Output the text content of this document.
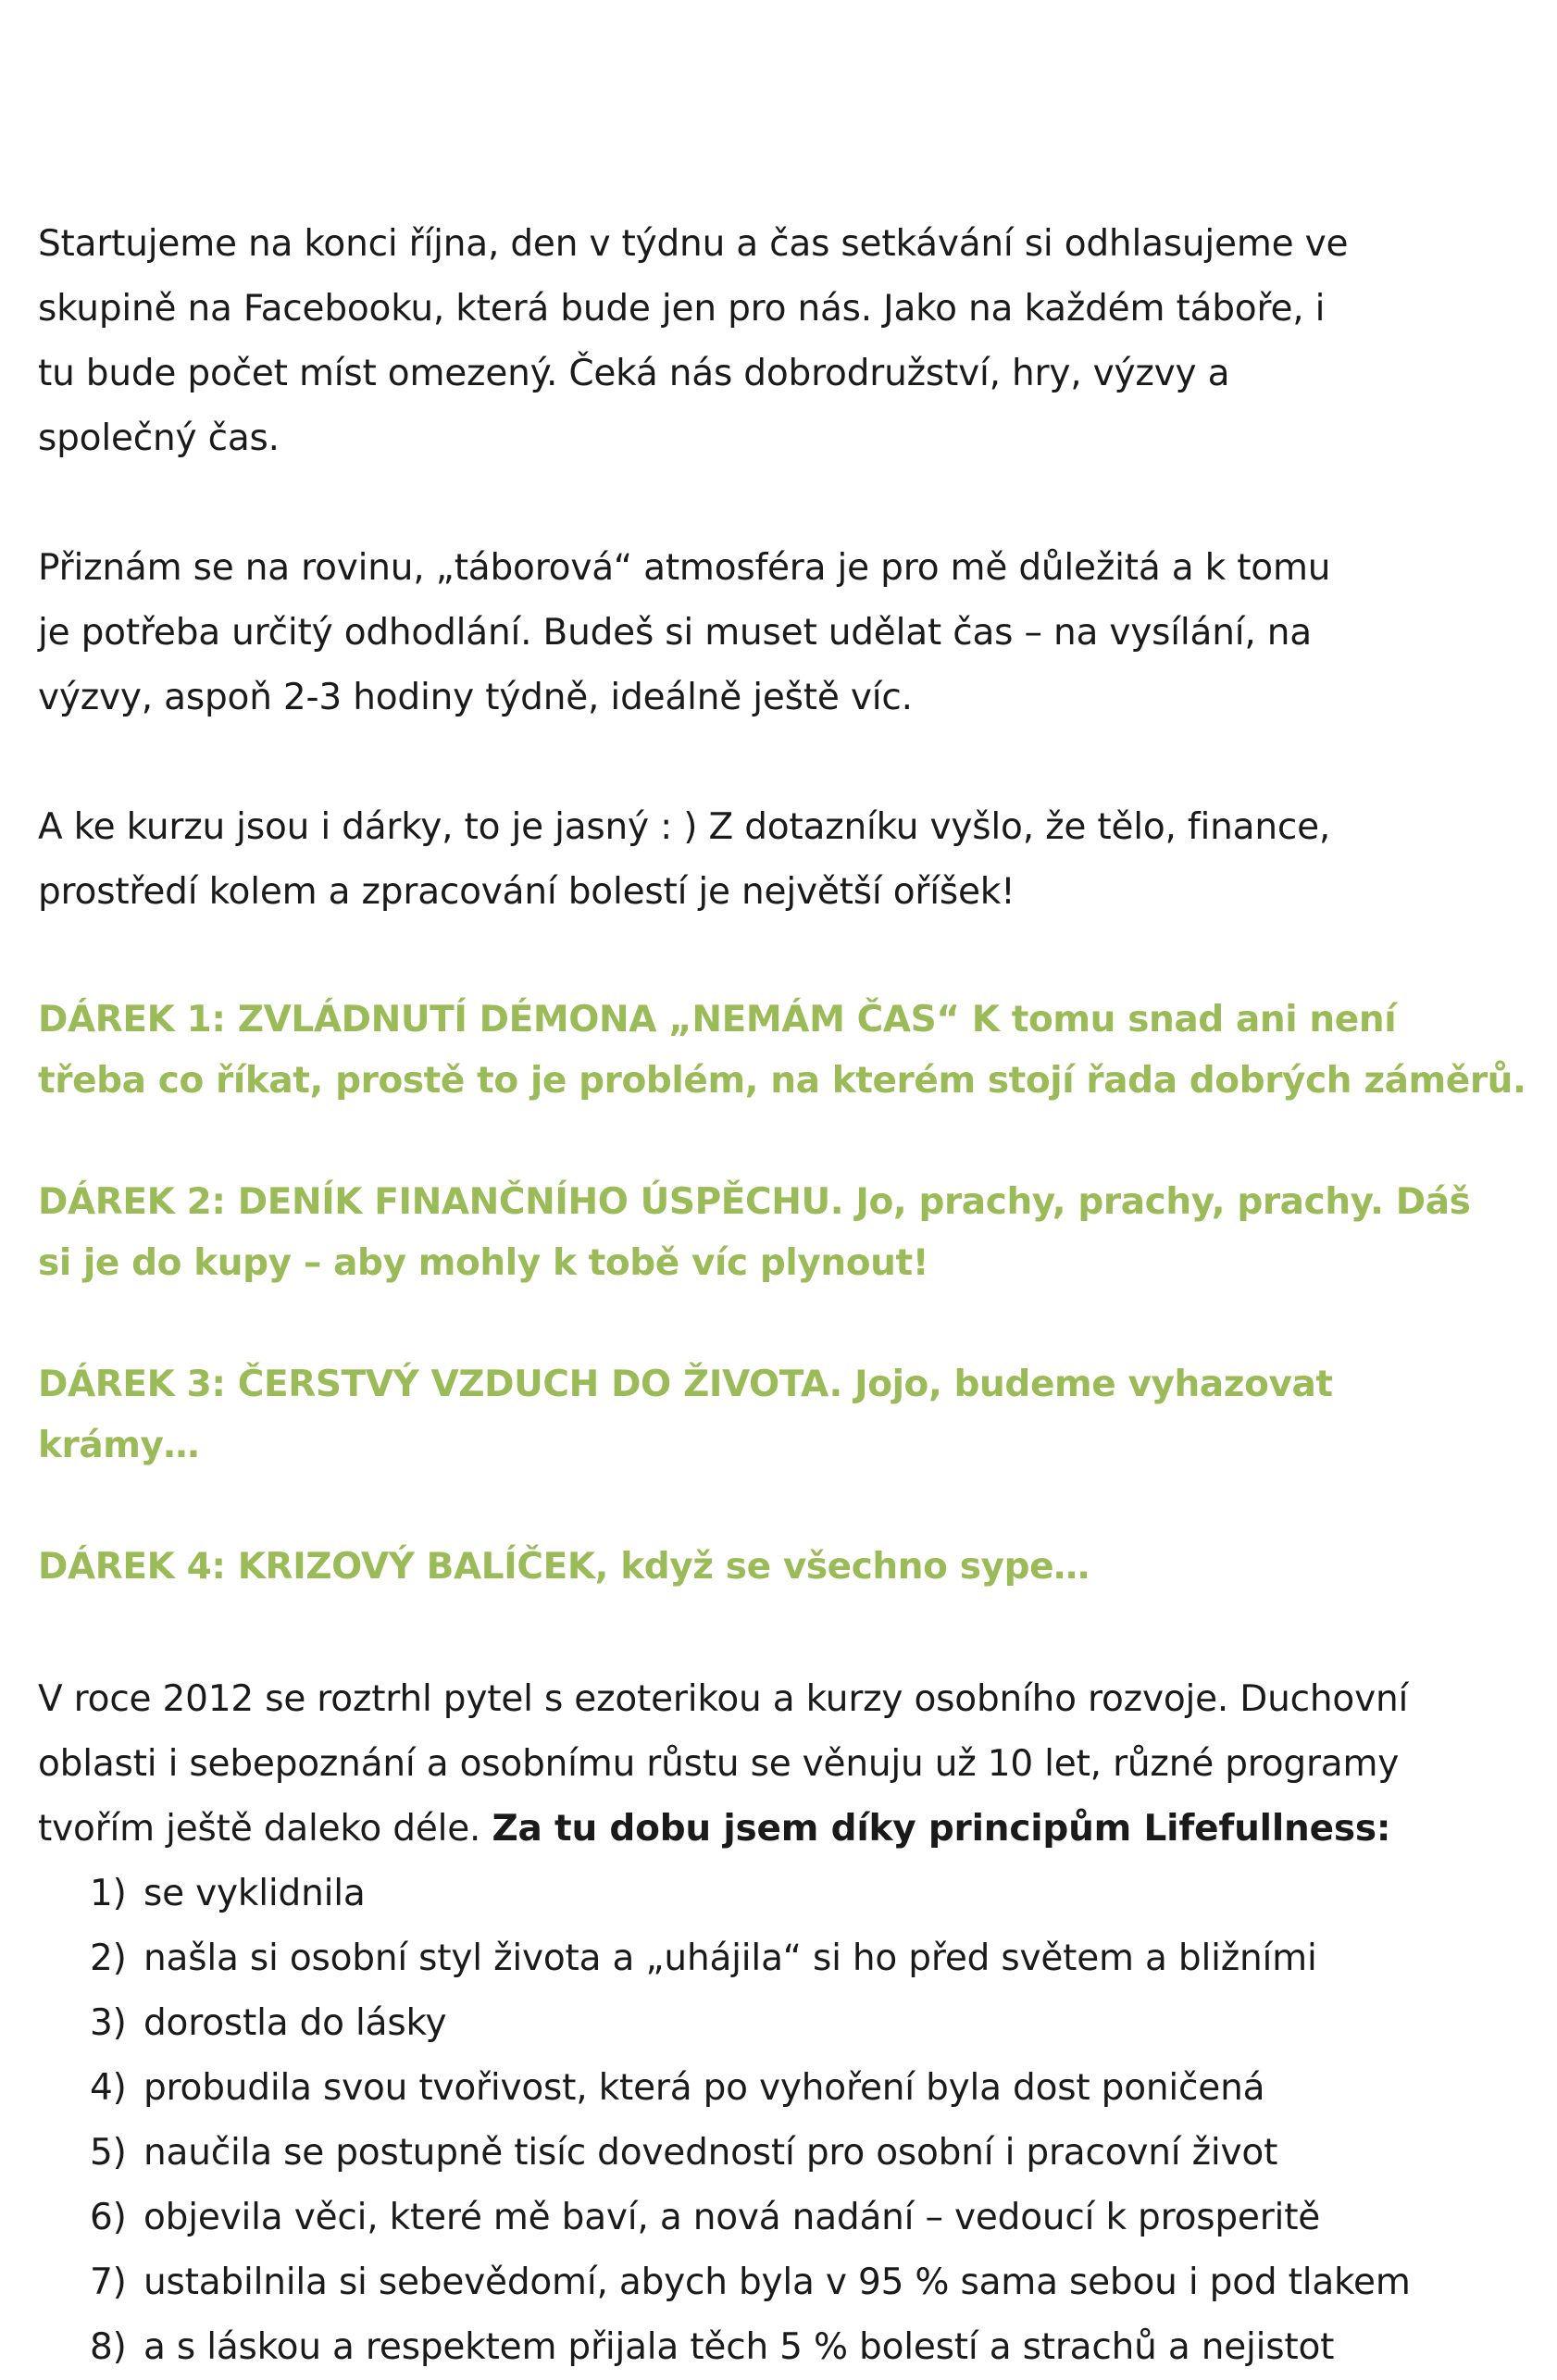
Startujeme na konci října, den v týdnu a čas setkávání si odhlasujeme ve
skupině na Facebooku, která bude jen pro nás. Jako na každém táboře, i
tu bude počet míst omezený. Čeká nás dobrodružství, hry, výzvy a
společný čas.

Přiznám se na rovinu, „táborová“ atmosféra je pro mě důležitá a k tomu
je potřeba určitý odhodlání. Budeš si muset udělat čas – na vysílání, na
výzvy, aspoň 2-3 hodiny týdně, ideálně ještě víc.

A ke kurzu jsou i dárky, to je jasný : ) Z dotazníku vyšlo, že tělo, finance,
prostředí kolem a zpracování bolestí je největší oříšek!

DÁREK 1: ZVLÁDNUTÍ DÉMONA „NEMÁM ČAS“ K tomu snad ani není
třeba co říkat, prostě to je problém, na kterém stojí řada dobrých záměrů.

DÁREK 2: DENÍK FINANČNÍHO ÚSPĚCHU. Jo, prachy, prachy, prachy. Dáš
si je do kupy – aby mohly k tobě víc plynout!

DÁREK 3: ČERSTVÝ VZDUCH DO ŽIVOTA. Jojo, budeme vyhazovat
krámy…

DÁREK 4: KRIZOVÝ BALÍČEK, když se všechno sype…

V roce 2012 se roztrhl pytel s ezoterikou a kurzy osobního rozvoje. Duchovní
oblasti i sebepoznání a osobnímu růstu se věnuju už 10 let, různé programy
tvořím ještě daleko déle. Za tu dobu jsem díky principům Lifefullness:

1) se vyklidnila
2) našla si osobní styl života a „uhájila“ si ho před světem a bližními
3) dorostla do lásky
4) probudila svou tvořivost, která po vyhoření byla dost poničená
5) naučila se postupně tisíc dovedností pro osobní i pracovní život
6) objevila věci, které mě baví, a nová nadání – vedoucí k prosperitě
7) ustabilnila si sebevědomí, abych byla v 95 % sama sebou i pod tlakem
8) a s láskou a respektem přijala těch 5 % bolestí a strachů a nejistot
